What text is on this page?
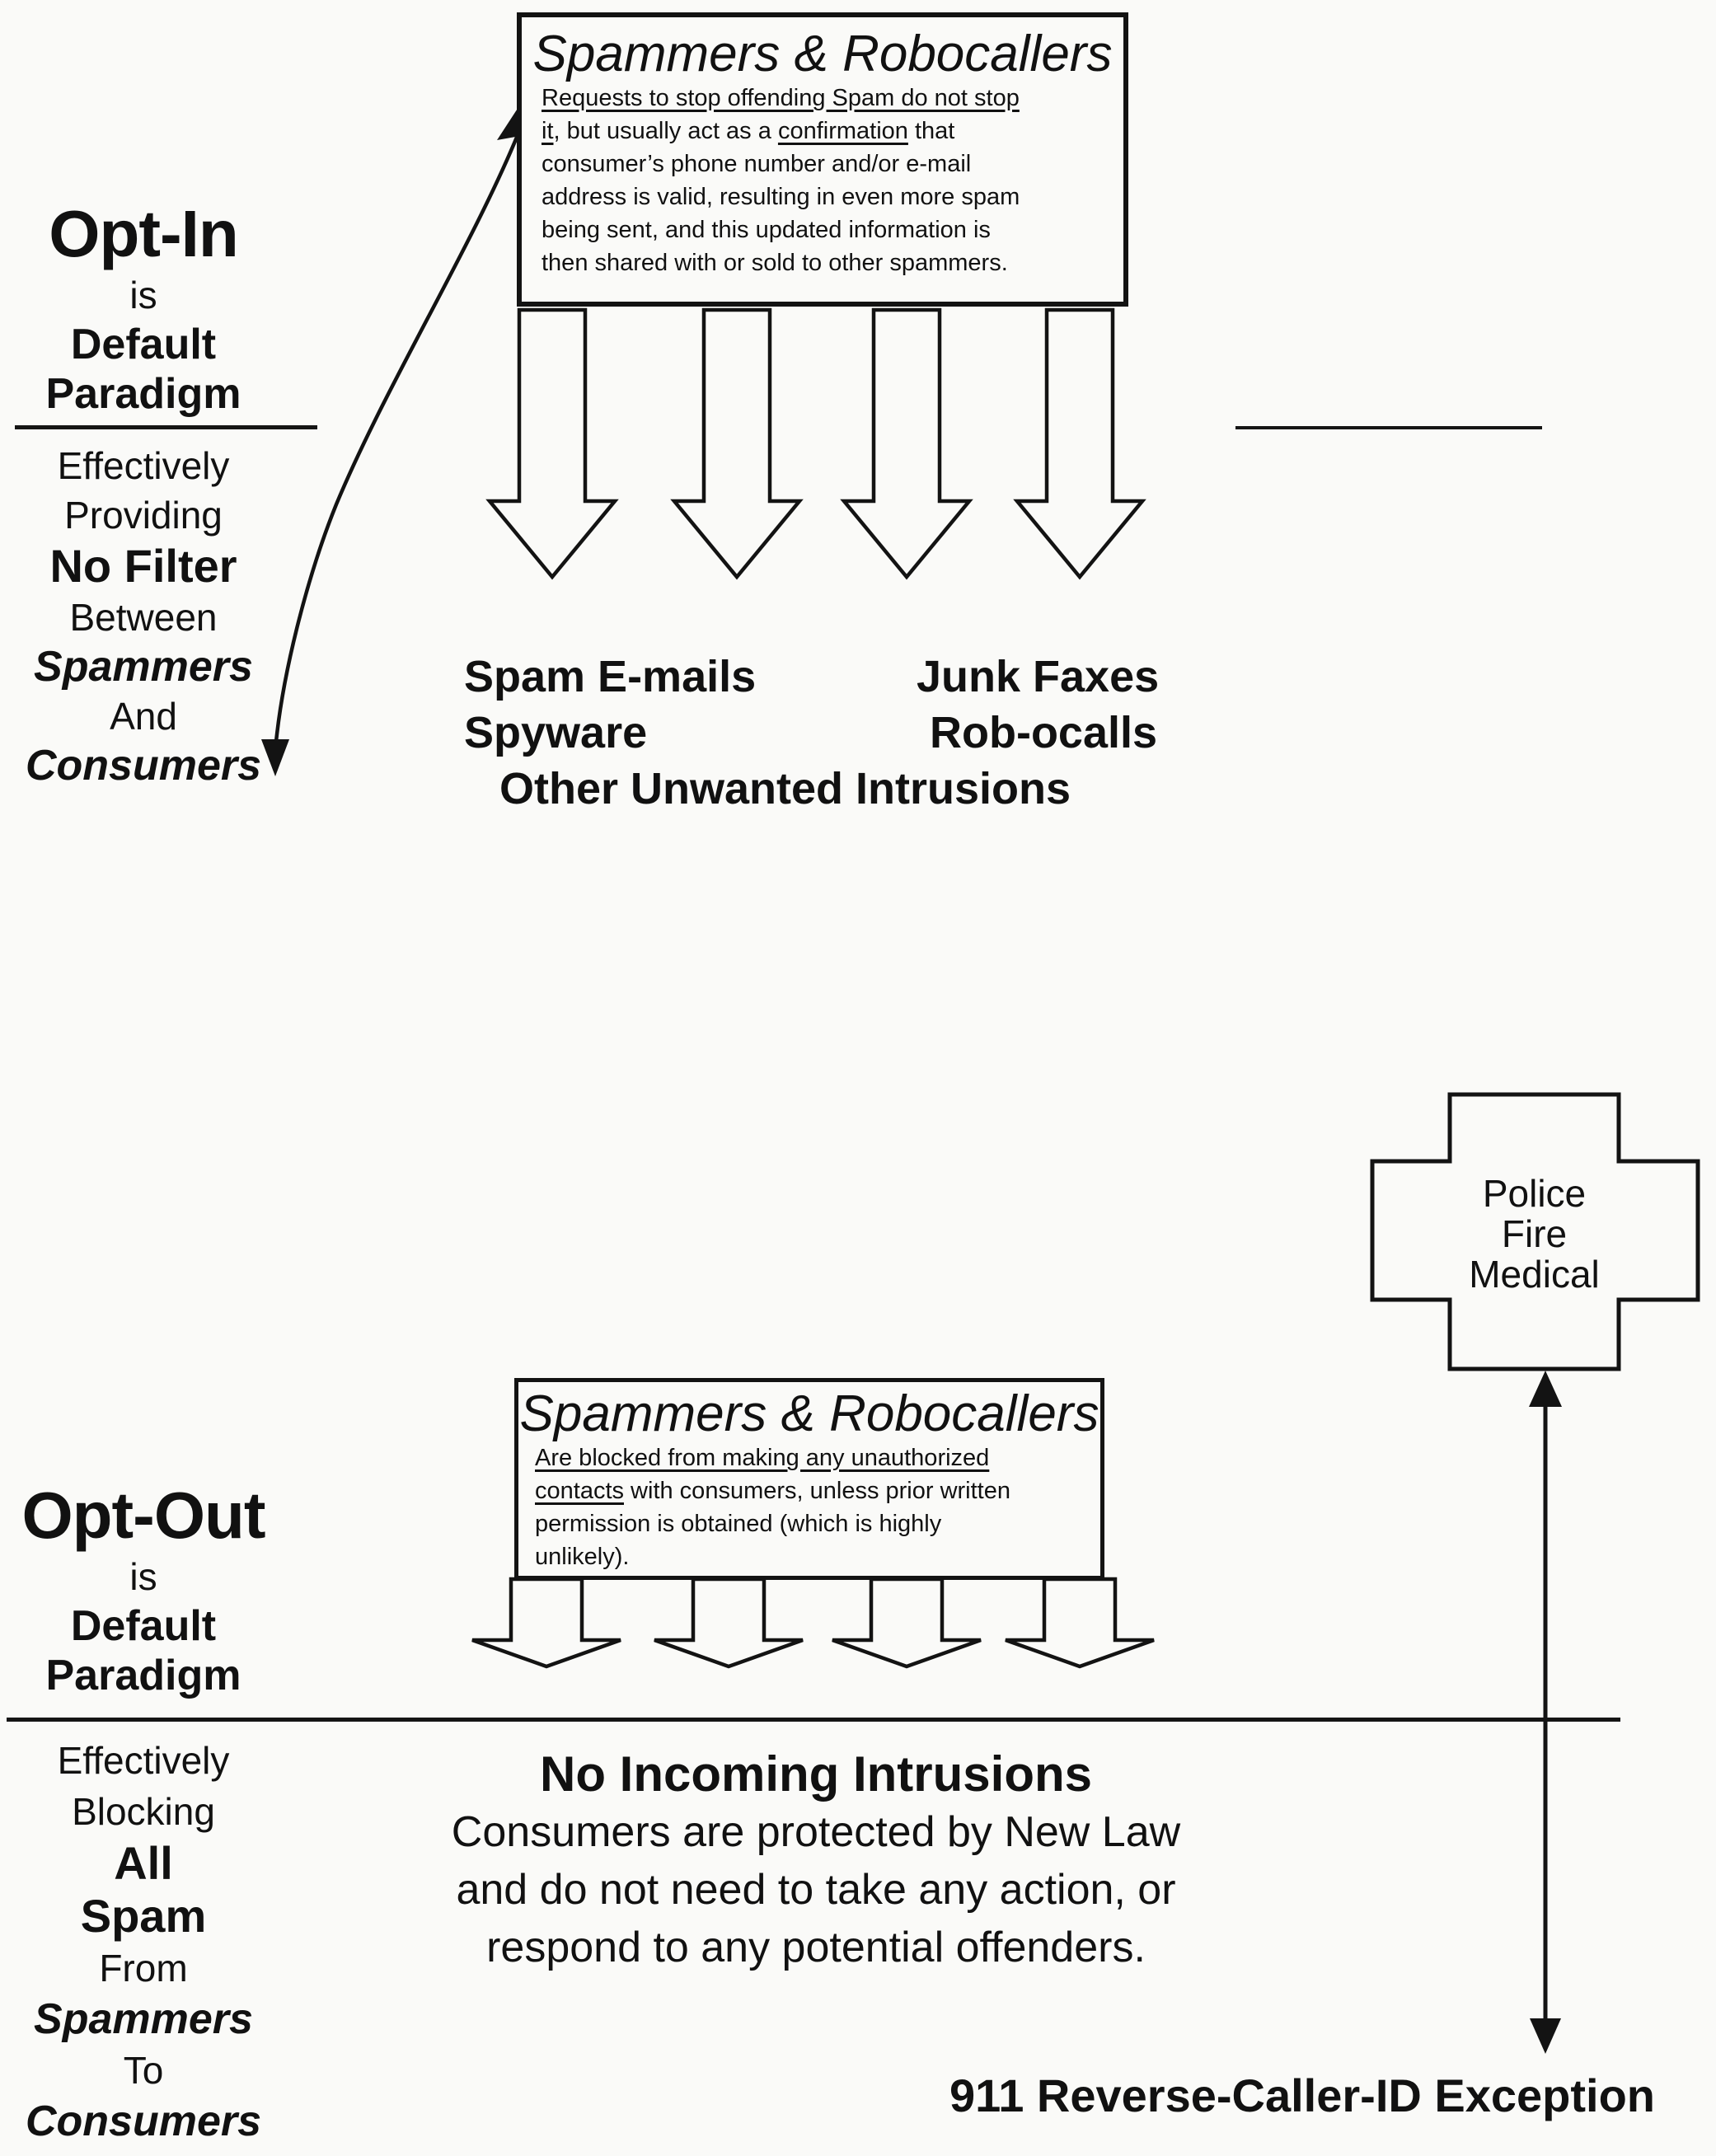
Opt-In
is
Default
Paradigm
Effectively
Providing
No Filter
Between
Spammers
And
Consumers
Spammers & Robocallers
Requests to stop offending Spam do not stop
it, but usually act as a confirmation that
consumer’s phone number and/or e-mail
address is valid, resulting in even more spam
being sent, and this updated information is
then shared with or sold to other spammers.
Spam E-mails	Junk Faxes
Spyware	Rob-ocalls
Other Unwanted Intrusions
Police
Fire
Medical
Opt-Out
is
Default
Paradigm
Effectively
Blocking
All
Spam
From
Spammers
To
Consumers
Spammers & Robocallers
Are blocked from making any unauthorized
contacts with consumers, unless prior written
permission is obtained (which is highly
unlikely).
No Incoming Intrusions
Consumers are protected by New Law
and do not need to take any action, or
respond to any potential offenders.
911 Reverse-Caller-ID Exception
